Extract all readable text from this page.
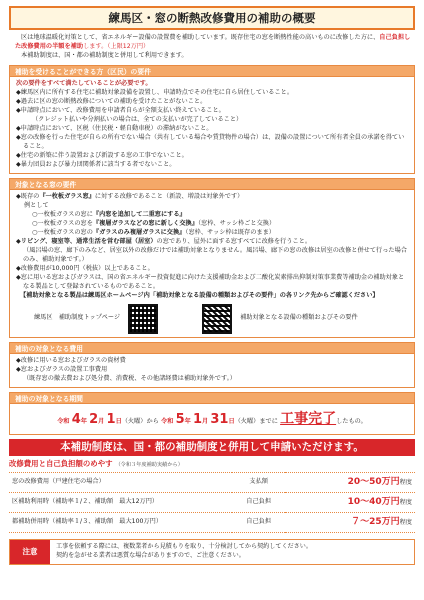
練馬区・窓の断熱改修費用の補助の概要

区は地球温暖化対策として、省エネルギー設備の設置費を補助しています。既存住宅の窓を断熱性能の高いものに改修した方に、自己負担した改修費用の半額を補助します。（上限12万円）

本補助制度は、国・都の補助制度と併用して利用できます。

補助を受けることができる方（区民）の要件
次の要件をすべて満たしていることが必要です。
◆練馬区内に所有する住宅に補助対象設備を設置し、申請時点でその住宅に自ら居住していること。
◆過去に区の窓の断熱改修についての補助を受けたことがないこと。
◆申請時点において、改修費用を申請者自らが全額支払い終えていること。
（クレジット払いや分割払いの場合は、全ての支払いが完了していること）
◆申請時点において、区税（住民税・軽自動車税）の滞納がないこと。
◆窓の改修を行った住宅が自らの所有でない場合（共有している場合や賃貸物件の場合）は、設備の設置について所有者全員の承諾を得ていること。
◆住宅の新築に伴う設置および新設する窓の工事でないこと。
◆暴力団員および暴力団関係者に該当する者でないこと。
対象となる窓の要件
◆既存の『一枚板ガラス窓』に対する改修であること（新設、増設は対象外です）
例として
○一枚板ガラスの窓に『内窓を追加して二重窓にする』
○一枚板ガラスの窓を『複層ガラスなどの窓に新しく交換』（窓枠、サッシ枠ごと交換）
○一枚板ガラスの窓の『ガラスのみ複層ガラスに交換』（窓枠、サッシ枠は既存のまま）
◆リビング、寝室等、通常生活を営む部屋（居室）の窓であり、屋外に面する窓すべてに改修を行うこと。
（風呂場の窓、廊下のみなど、居室以外の改修だけでは補助対象となりません。風呂場、廊下の窓の改修は居室の改修と併せて行った場合のみ、補助対象です。）
◆改修費用が10,000円（税抜）以上であること。
◆窓に用いる窓およびガラスは、国の省エネルギー投資促進に向けた支援補助金および二酸化炭素排出抑制対策事業費等補助金の補助対象となる製品として登録されているものであること。
【補助対象となる製品は練馬区ホームページ内「補助対象となる設備の種類およびその要件」の各リンク先からご確認ください】
練馬区　補助制度トップページ	補助対象となる設備の種類およびその要件
補助の対象となる費用
◆改修に用いる窓およびガラスの資材費
◆窓およびガラスの設置工事費用
（既存窓の撤去費および処分費、消費税、その他諸経費は補助対象外です。）
補助の対象となる期間
令和 4年 2月 1日（火曜）から 令和 5年 1月 31日（火曜）までに 工事完了したもの。
本補助制度は、国・都の補助制度と併用して申請いただけます。
改修費用と自己負担額のめやす （令和３年度補助実績から）
窓の改修費用（戸建住宅の場合）	支払額	20～50万円程度
区補助利用時（補助率１/２、補助額　最大12万円）	自己負担	10～40万円程度
都補助併用時（補助率１/３、補助額　最大100万円）	自己負担	７～25万円程度
注意	工事を依頼する際には、複数業者から見積もりを取り、十分検討してから契約してください。
契約を急がせる業者は悪質な場合がありますので、ご注意ください。
